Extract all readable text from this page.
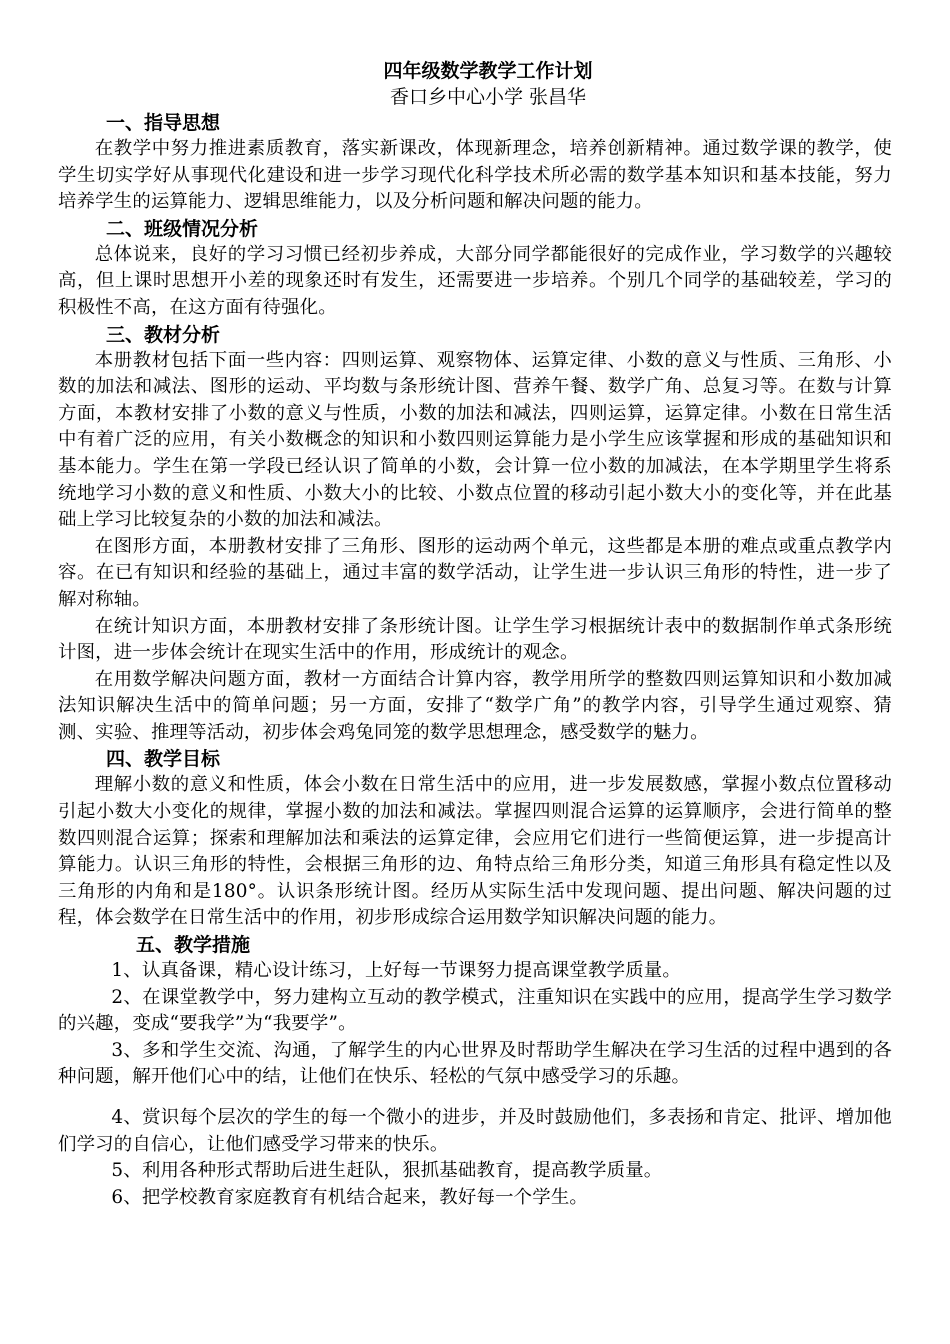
四年级数学教学工作计划
香口乡中心小学 张昌华
一、指导思想

在教学中努力推进素质教育，落实新课改，体现新理念，培养创新精神。通过数学课的教学，使学生切实学好从事现代化建设和进一步学习现代化科学技术所必需的数学基本知识和基本技能，努力培养学生的运算能力、逻辑思维能力，以及分析问题和解决问题的能力。

二、班级情况分析

总体说来，良好的学习习惯已经初步养成，大部分同学都能很好的完成作业，学习数学的兴趣较高，但上课时思想开小差的现象还时有发生，还需要进一步培养。个别几个同学的基础较差，学习的积极性不高，在这方面有待强化。

三、教材分析

本册教材包括下面一些内容：四则运算、观察物体、运算定律、小数的意义与性质、三角形、小数的加法和减法、图形的运动、平均数与条形统计图、营养午餐、数学广角、总复习等。在数与计算方面，本教材安排了小数的意义与性质，小数的加法和减法，四则运算，运算定律。小数在日常生活中有着广泛的应用，有关小数概念的知识和小数四则运算能力是小学生应该掌握和形成的基础知识和基本能力。学生在第一学段已经认识了简单的小数，会计算一位小数的加减法，在本学期里学生将系统地学习小数的意义和性质、小数大小的比较、小数点位置的移动引起小数大小的变化等，并在此基础上学习比较复杂的小数的加法和减法。

在图形方面，本册教材安排了三角形、图形的运动两个单元，这些都是本册的难点或重点教学内容。在已有知识和经验的基础上，通过丰富的数学活动，让学生进一步认识三角形的特性，进一步了解对称轴。

在统计知识方面，本册教材安排了条形统计图。让学生学习根据统计表中的数据制作单式条形统计图，进一步体会统计在现实生活中的作用，形成统计的观念。

在用数学解决问题方面，教材一方面结合计算内容，教学用所学的整数四则运算知识和小数加减法知识解决生活中的简单问题；另一方面，安排了“数学广角”的教学内容，引导学生通过观察、猜测、实验、推理等活动，初步体会鸡兔同笼的数学思想理念，感受数学的魅力。

四、教学目标

理解小数的意义和性质，体会小数在日常生活中的应用，进一步发展数感，掌握小数点位置移动引起小数大小变化的规律，掌握小数的加法和减法。掌握四则混合运算的运算顺序，会进行简单的整数四则混合运算；探索和理解加法和乘法的运算定律，会应用它们进行一些简便运算，进一步提高计算能力。认识三角形的特性，会根据三角形的边、角特点给三角形分类，知道三角形具有稳定性以及三角形的内角和是180°。认识条形统计图。经历从实际生活中发现问题、提出问题、解决问题的过程，体会数学在日常生活中的作用，初步形成综合运用数学知识解决问题的能力。

五、教学措施

1、认真备课，精心设计练习，上好每一节课努力提高课堂教学质量。

2、在课堂教学中，努力建构立互动的教学模式，注重知识在实践中的应用，提高学生学习数学的兴趣，变成“要我学”为“我要学”。

3、多和学生交流、沟通，了解学生的内心世界及时帮助学生解决在学习生活的过程中遇到的各种问题，解开他们心中的结，让他们在快乐、轻松的气氛中感受学习的乐趣。

4、赏识每个层次的学生的每一个微小的进步，并及时鼓励他们，多表扬和肯定、批评、增加他们学习的自信心，让他们感受学习带来的快乐。

5、利用各种形式帮助后进生赶队，狠抓基础教育，提高教学质量。

6、把学校教育家庭教育有机结合起来，教好每一个学生。
